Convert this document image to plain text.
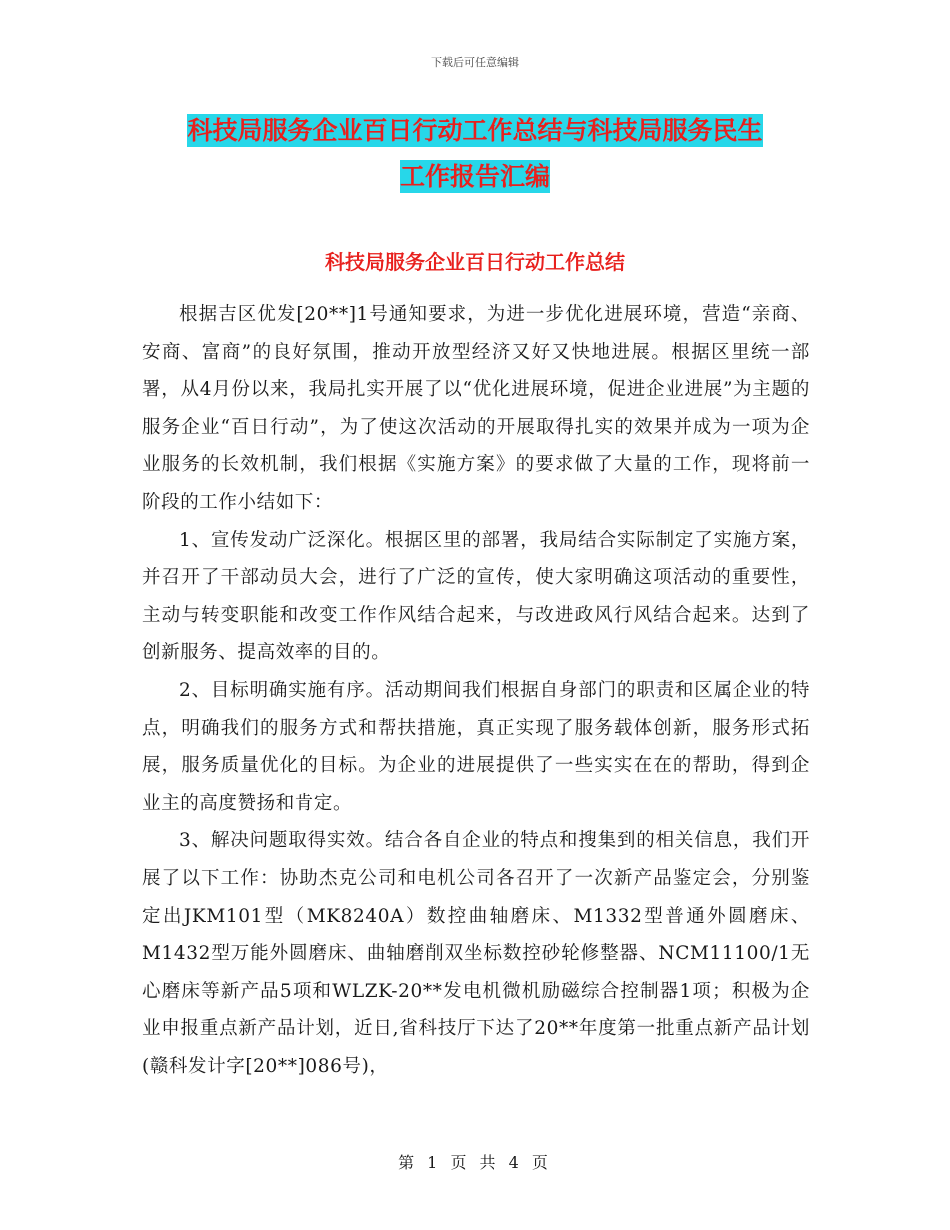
下载后可任意编辑
科技局服务企业百日行动工作总结与科技局服务民生
工作报告汇编
科技局服务企业百日行动工作总结

根据吉区优发[20**]1号通知要求，为进一步优化进展环境，营造“亲商、安商、富商”的良好氛围，推动开放型经济又好又快地进展。根据区里统一部署，从4月份以来，我局扎实开展了以“优化进展环境，促进企业进展”为主题的服务企业“百日行动”，为了使这次活动的开展取得扎实的效果并成为一项为企业服务的长效机制，我们根据《实施方案》的要求做了大量的工作，现将前一阶段的工作小结如下：

1、宣传发动广泛深化。根据区里的部署，我局结合实际制定了实施方案，并召开了干部动员大会，进行了广泛的宣传，使大家明确这项活动的重要性，主动与转变职能和改变工作作风结合起来，与改进政风行风结合起来。达到了创新服务、提高效率的目的。

2、目标明确实施有序。活动期间我们根据自身部门的职责和区属企业的特点，明确我们的服务方式和帮扶措施，真正实现了服务载体创新，服务形式拓展，服务质量优化的目标。为企业的进展提供了一些实实在在的帮助，得到企业主的高度赞扬和肯定。

3、解决问题取得实效。结合各自企业的特点和搜集到的相关信息，我们开展了以下工作：协助杰克公司和电机公司各召开了一次新产品鉴定会，分别鉴定出JKM101型（MK8240A）数控曲轴磨床、M1332型普通外圆磨床、M1432型万能外圆磨床、曲轴磨削双坐标数控砂轮修整器、NCM11100/1无心磨床等新产品5项和WLZK-20**发电机微机励磁综合控制器1项；积极为企业申报重点新产品计划，近日,省科技厅下达了20**年度第一批重点新产品计划(赣科发计字[20**]086号)，

第 1 页 共 4 页
